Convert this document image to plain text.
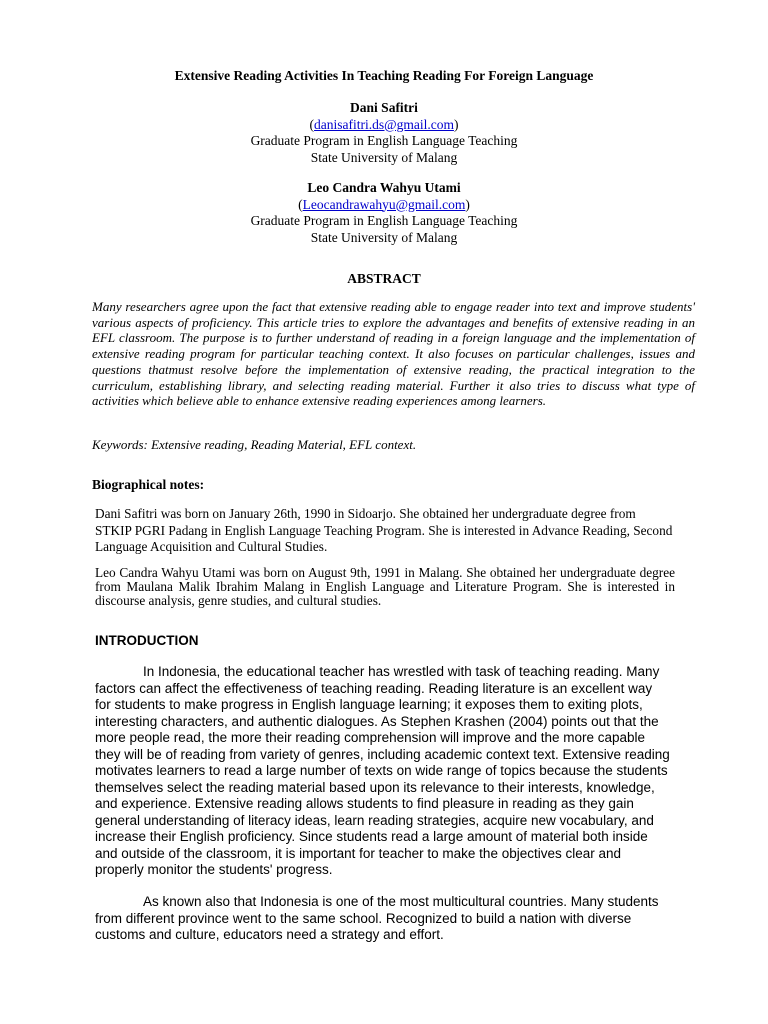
Extensive Reading Activities In Teaching Reading For Foreign Language
Dani Safitri
(danisafitri.ds@gmail.com)
Graduate Program in English Language Teaching
State University of Malang
Leo Candra Wahyu Utami
(Leocandrawahyu@gmail.com)
Graduate Program in English Language Teaching
State University of Malang
ABSTRACT
Many researchers agree upon the fact that extensive reading able to engage reader into text and improve students' various aspects of proficiency. This article tries to explore the advantages and benefits of extensive reading in an EFL classroom. The purpose is to further understand of reading in a foreign language and the implementation of extensive reading program for particular teaching context. It also focuses on particular challenges, issues and questions thatmust resolve before the implementation of extensive reading, the practical integration to the curriculum, establishing library, and selecting reading material. Further it also tries to discuss what type of activities which believe able to enhance extensive reading experiences among learners.
Keywords: Extensive reading, Reading Material, EFL context.
Biographical notes:
Dani Safitri was born on January 26th, 1990 in Sidoarjo. She obtained her undergraduate degree from STKIP PGRI Padang in English Language Teaching Program. She is interested in Advance Reading, Second Language Acquisition and Cultural Studies.
Leo Candra Wahyu Utami was born on August 9th, 1991 in Malang. She obtained her undergraduate degree from Maulana Malik Ibrahim Malang in English Language and Literature Program. She is interested in discourse analysis, genre studies, and cultural studies.
INTRODUCTION
In Indonesia, the educational teacher has wrestled with task of teaching reading. Many factors can affect the effectiveness of teaching reading. Reading literature is an excellent way for students to make progress in English language learning; it exposes them to exiting plots, interesting characters, and authentic dialogues. As Stephen Krashen (2004) points out that the more people read, the more their reading comprehension will improve and the more capable they will be of reading from variety of genres, including academic context text. Extensive reading motivates learners to read a large number of texts on wide range of topics because the students themselves select the reading material based upon its relevance to their interests, knowledge, and experience. Extensive reading allows students to find pleasure in reading as they gain general understanding of literacy ideas, learn reading strategies, acquire new vocabulary, and increase their English proficiency. Since students read a large amount of material both inside and outside of the classroom, it is important for teacher to make the objectives clear and properly monitor the students' progress.
As known also that Indonesia is one of the most multicultural countries. Many students from different province went to the same school. Recognized to build a nation with diverse customs and culture, educators need a strategy and effort.
